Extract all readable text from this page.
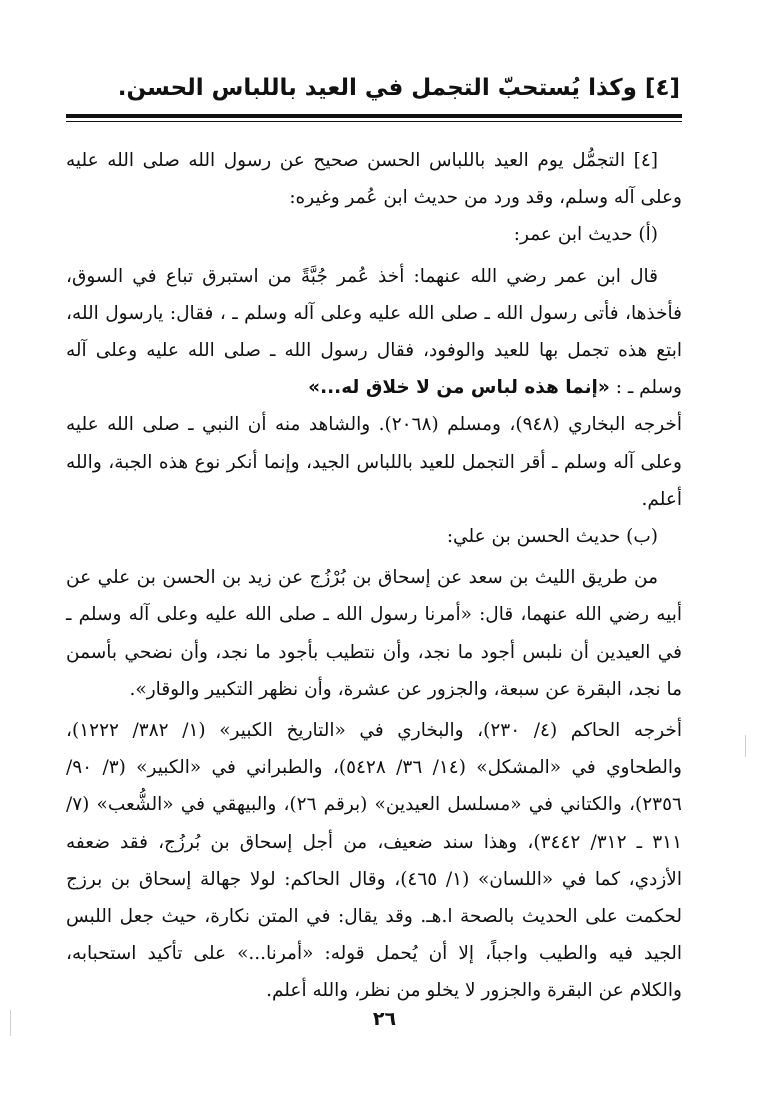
[٤] وكذا يُستحبّ التجمل في العيد باللباس الحسن.

[٤] التجمُّل يوم العيد باللباس الحسن صحيح عن رسول الله صلى الله عليه وعلى آله وسلم، وقد ورد من حديث ابن عُمر وغيره:

(أ) حديث ابن عمر:

قال ابن عمر رضي الله عنهما: أخذ عُمر جُبَّةً من استبرق تباع في السوق، فأخذها، فأتى رسول الله ـ صلى الله عليه وعلى آله وسلم ـ ، فقال: يارسول الله، ابتع هذه تجمل بها للعيد والوفود، فقال رسول الله ـ صلى الله عليه وعلى آله وسلم ـ : «إنما هذه لباس من لا خلاق له...»

أخرجه البخاري (٩٤٨)، ومسلم (٢٠٦٨). والشاهد منه أن النبي ـ صلى الله عليه وعلى آله وسلم ـ أقر التجمل للعيد باللباس الجيد، وإنما أنكر نوع هذه الجبة، والله أعلم.

(ب) حديث الحسن بن علي:

من طريق الليث بن سعد عن إسحاق بن بُرْزُج عن زيد بن الحسن بن علي عن أبيه رضي الله عنهما، قال: «أمرنا رسول الله ـ صلى الله عليه وعلى آله وسلم ـ في العيدين أن نلبس أجود ما نجد، وأن نتطيب بأجود ما نجد، وأن نضحي بأسمن ما نجد، البقرة عن سبعة، والجزور عن عشرة، وأن نظهر التكبير والوقار».

أخرجه الحاكم (٤/ ٢٣٠)، والبخاري في «التاريخ الكبير» (١/ ٣٨٢/ ١٢٢٢)، والطحاوي في «المشكل» (١٤/ ٣٦/ ٥٤٢٨)، والطبراني في «الكبير» (٣/ ٩٠/ ٢٣٥٦)، والكتاني في «مسلسل العيدين» (برقم ٢٦)، والبيهقي في «الشُّعب» (٧/ ٣١١ ـ ٣١٢/ ٣٤٤٢)، وهذا سند ضعيف، من أجل إسحاق بن بُرزُج، فقد ضعفه الأزدي، كما في «اللسان» (١/ ٤٦٥)، وقال الحاكم: لولا جهالة إسحاق بن برزج لحكمت على الحديث بالصحة ا.هـ. وقد يقال: في المتن نكارة، حيث جعل اللبس الجيد فيه والطيب واجباً، إلا أن يُحمل قوله: «أمرنا...» على تأكيد استحبابه، والكلام عن البقرة والجزور لا يخلو من نظر، والله أعلم.

٢٦
